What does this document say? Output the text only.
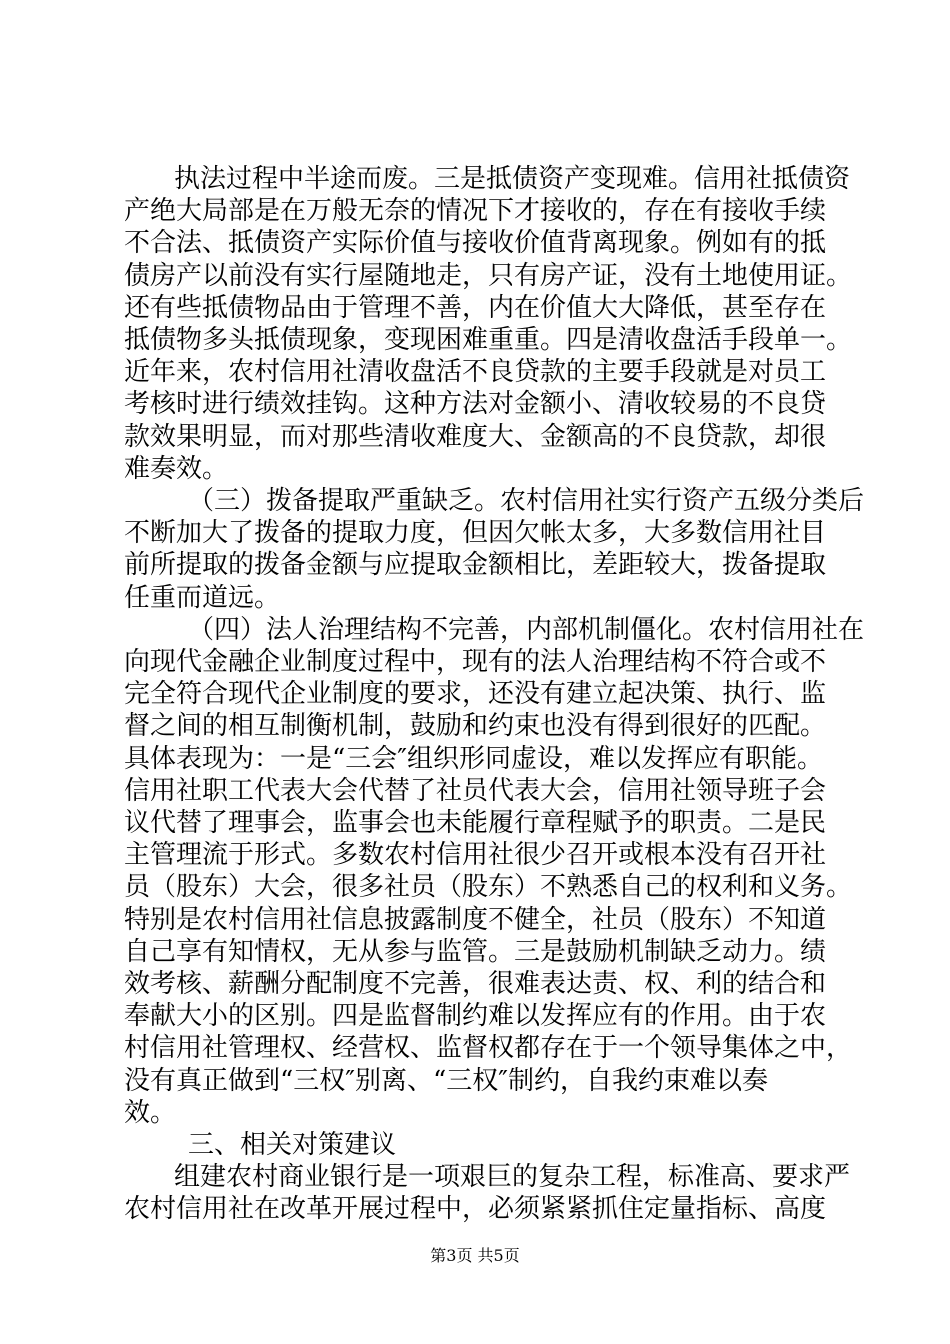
执法过程中半途而废。三是抵债资产变现难。信用社抵债资
产绝大局部是在万般无奈的情况下才接收的，存在有接收手续
不合法、抵债资产实际价值与接收价值背离现象。例如有的抵
债房产以前没有实行屋随地走，只有房产证，没有土地使用证。
还有些抵债物品由于管理不善，内在价值大大降低，甚至存在
抵债物多头抵债现象，变现困难重重。四是清收盘活手段单一。
近年来，农村信用社清收盘活不良贷款的主要手段就是对员工
考核时进行绩效挂钩。这种方法对金额小、清收较易的不良贷
款效果明显，而对那些清收难度大、金额高的不良贷款，却很
难奏效。
（三）拨备提取严重缺乏。农村信用社实行资产五级分类后
不断加大了拨备的提取力度，但因欠帐太多，大多数信用社目
前所提取的拨备金额与应提取金额相比，差距较大，拨备提取
任重而道远。
（四）法人治理结构不完善，内部机制僵化。农村信用社在
向现代金融企业制度过程中，现有的法人治理结构不符合或不
完全符合现代企业制度的要求，还没有建立起决策、执行、监
督之间的相互制衡机制，鼓励和约束也没有得到很好的匹配。
具体表现为：一是“三会″组织形同虚设，难以发挥应有职能。
信用社职工代表大会代替了社员代表大会，信用社领导班子会
议代替了理事会，监事会也未能履行章程赋予的职责。二是民
主管理流于形式。多数农村信用社很少召开或根本没有召开社
员（股东）大会，很多社员（股东）不熟悉自己的权利和义务。
特别是农村信用社信息披露制度不健全，社员（股东）不知道
自己享有知情权，无从参与监管。三是鼓励机制缺乏动力。绩
效考核、薪酬分配制度不完善，很难表达责、权、利的结合和
奉献大小的区别。四是监督制约难以发挥应有的作用。由于农
村信用社管理权、经营权、监督权都存在于一个领导集体之中，
没有真正做到“三权″别离、“三权″制约，自我约束难以奏
效。
三、相关对策建议
组建农村商业银行是一项艰巨的复杂工程，标准高、要求严
农村信用社在改革开展过程中，必须紧紧抓住定量指标、高度
第3页 共5页
